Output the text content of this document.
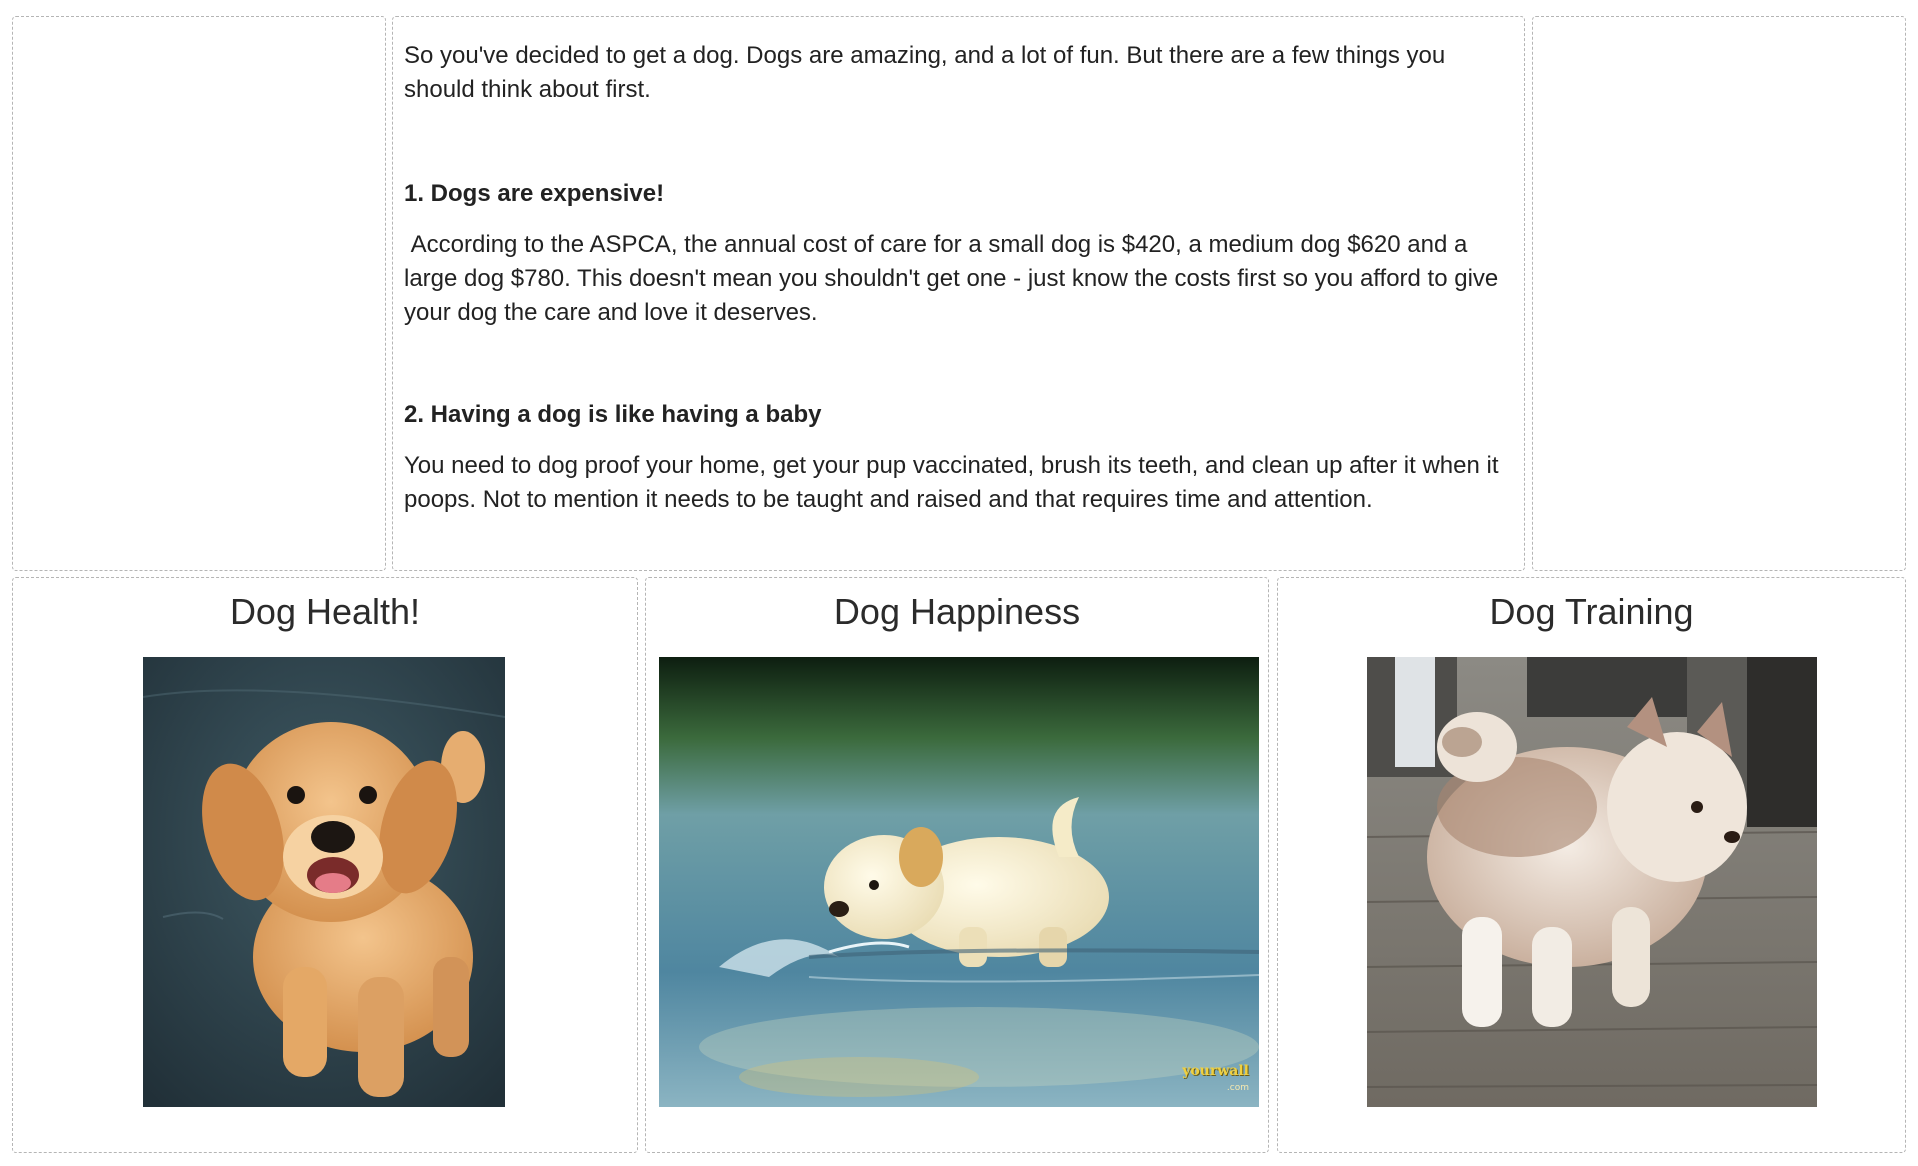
So you've decided to get a dog. Dogs are amazing, and a lot of fun. But there are a few things you should think about first.

1. Dogs are expensive!

According to the ASPCA, the annual cost of care for a small dog is $420, a medium dog $620 and a large dog $780. This doesn't mean you shouldn't get one - just know the costs first so you afford to give your dog the care and love it deserves.

2. Having a dog is like having a baby

You need to dog proof your home, get your pup vaccinated, brush its teeth, and clean up after it when it poops. Not to mention it needs to be taught and raised and that requires time and attention.

Dog Health!	Dog Happiness
yourwall
.com
Dog Training
